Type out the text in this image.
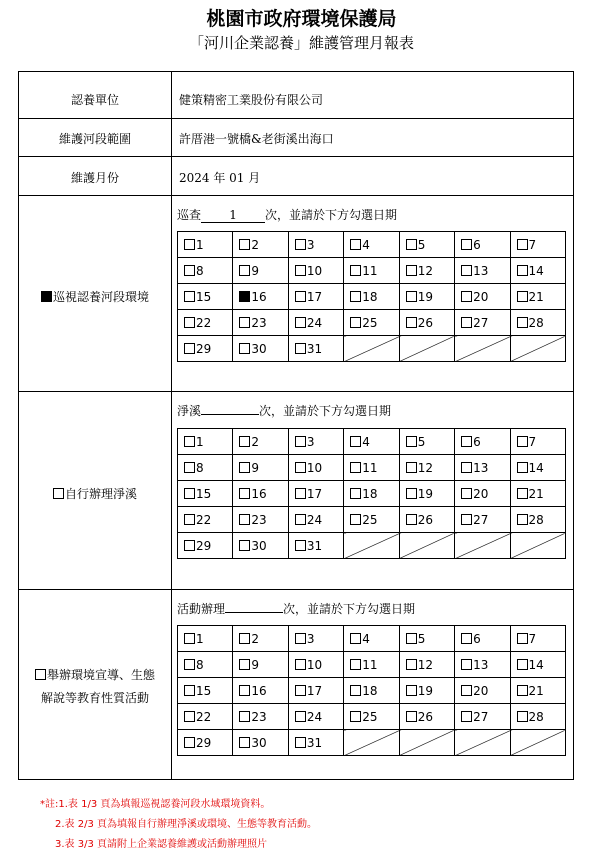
桃園市政府環境保護局
「河川企業認養」維護管理月報表
認養單位	健策精密工業股份有限公司
維護河段範圍	許厝港一號橋&老街溪出海口
維護月份	2024 年 01 月
巡視認養河段環境
巡查 1 次，並請於下方勾選日期
1	2	3	4	5	6	7
8	9	10	11	12	13	14
15	16	17	18	19	20	21
22	23	24	25	26	27	28
29	30	31				
自行辦理淨溪
淨溪	次，並請於下方勾選日期
1	2	3	4	5	6	7
8	9	10	11	12	13	14
15	16	17	18	19	20	21
22	23	24	25	26	27	28
29	30	31				
舉辦環境宣導、生態
解說等教育性質活動
活動辦理	次，並請於下方勾選日期
1	2	3	4	5	6	7
8	9	10	11	12	13	14
15	16	17	18	19	20	21
22	23	24	25	26	27	28
29	30	31				
*註:1.表 1/3 頁為填報巡視認養河段水域環境資料。
2.表 2/3 頁為填報自行辦理淨溪或環境、生態等教育活動。
3.表 3/3 頁請附上企業認養維護或活動辦理照片
